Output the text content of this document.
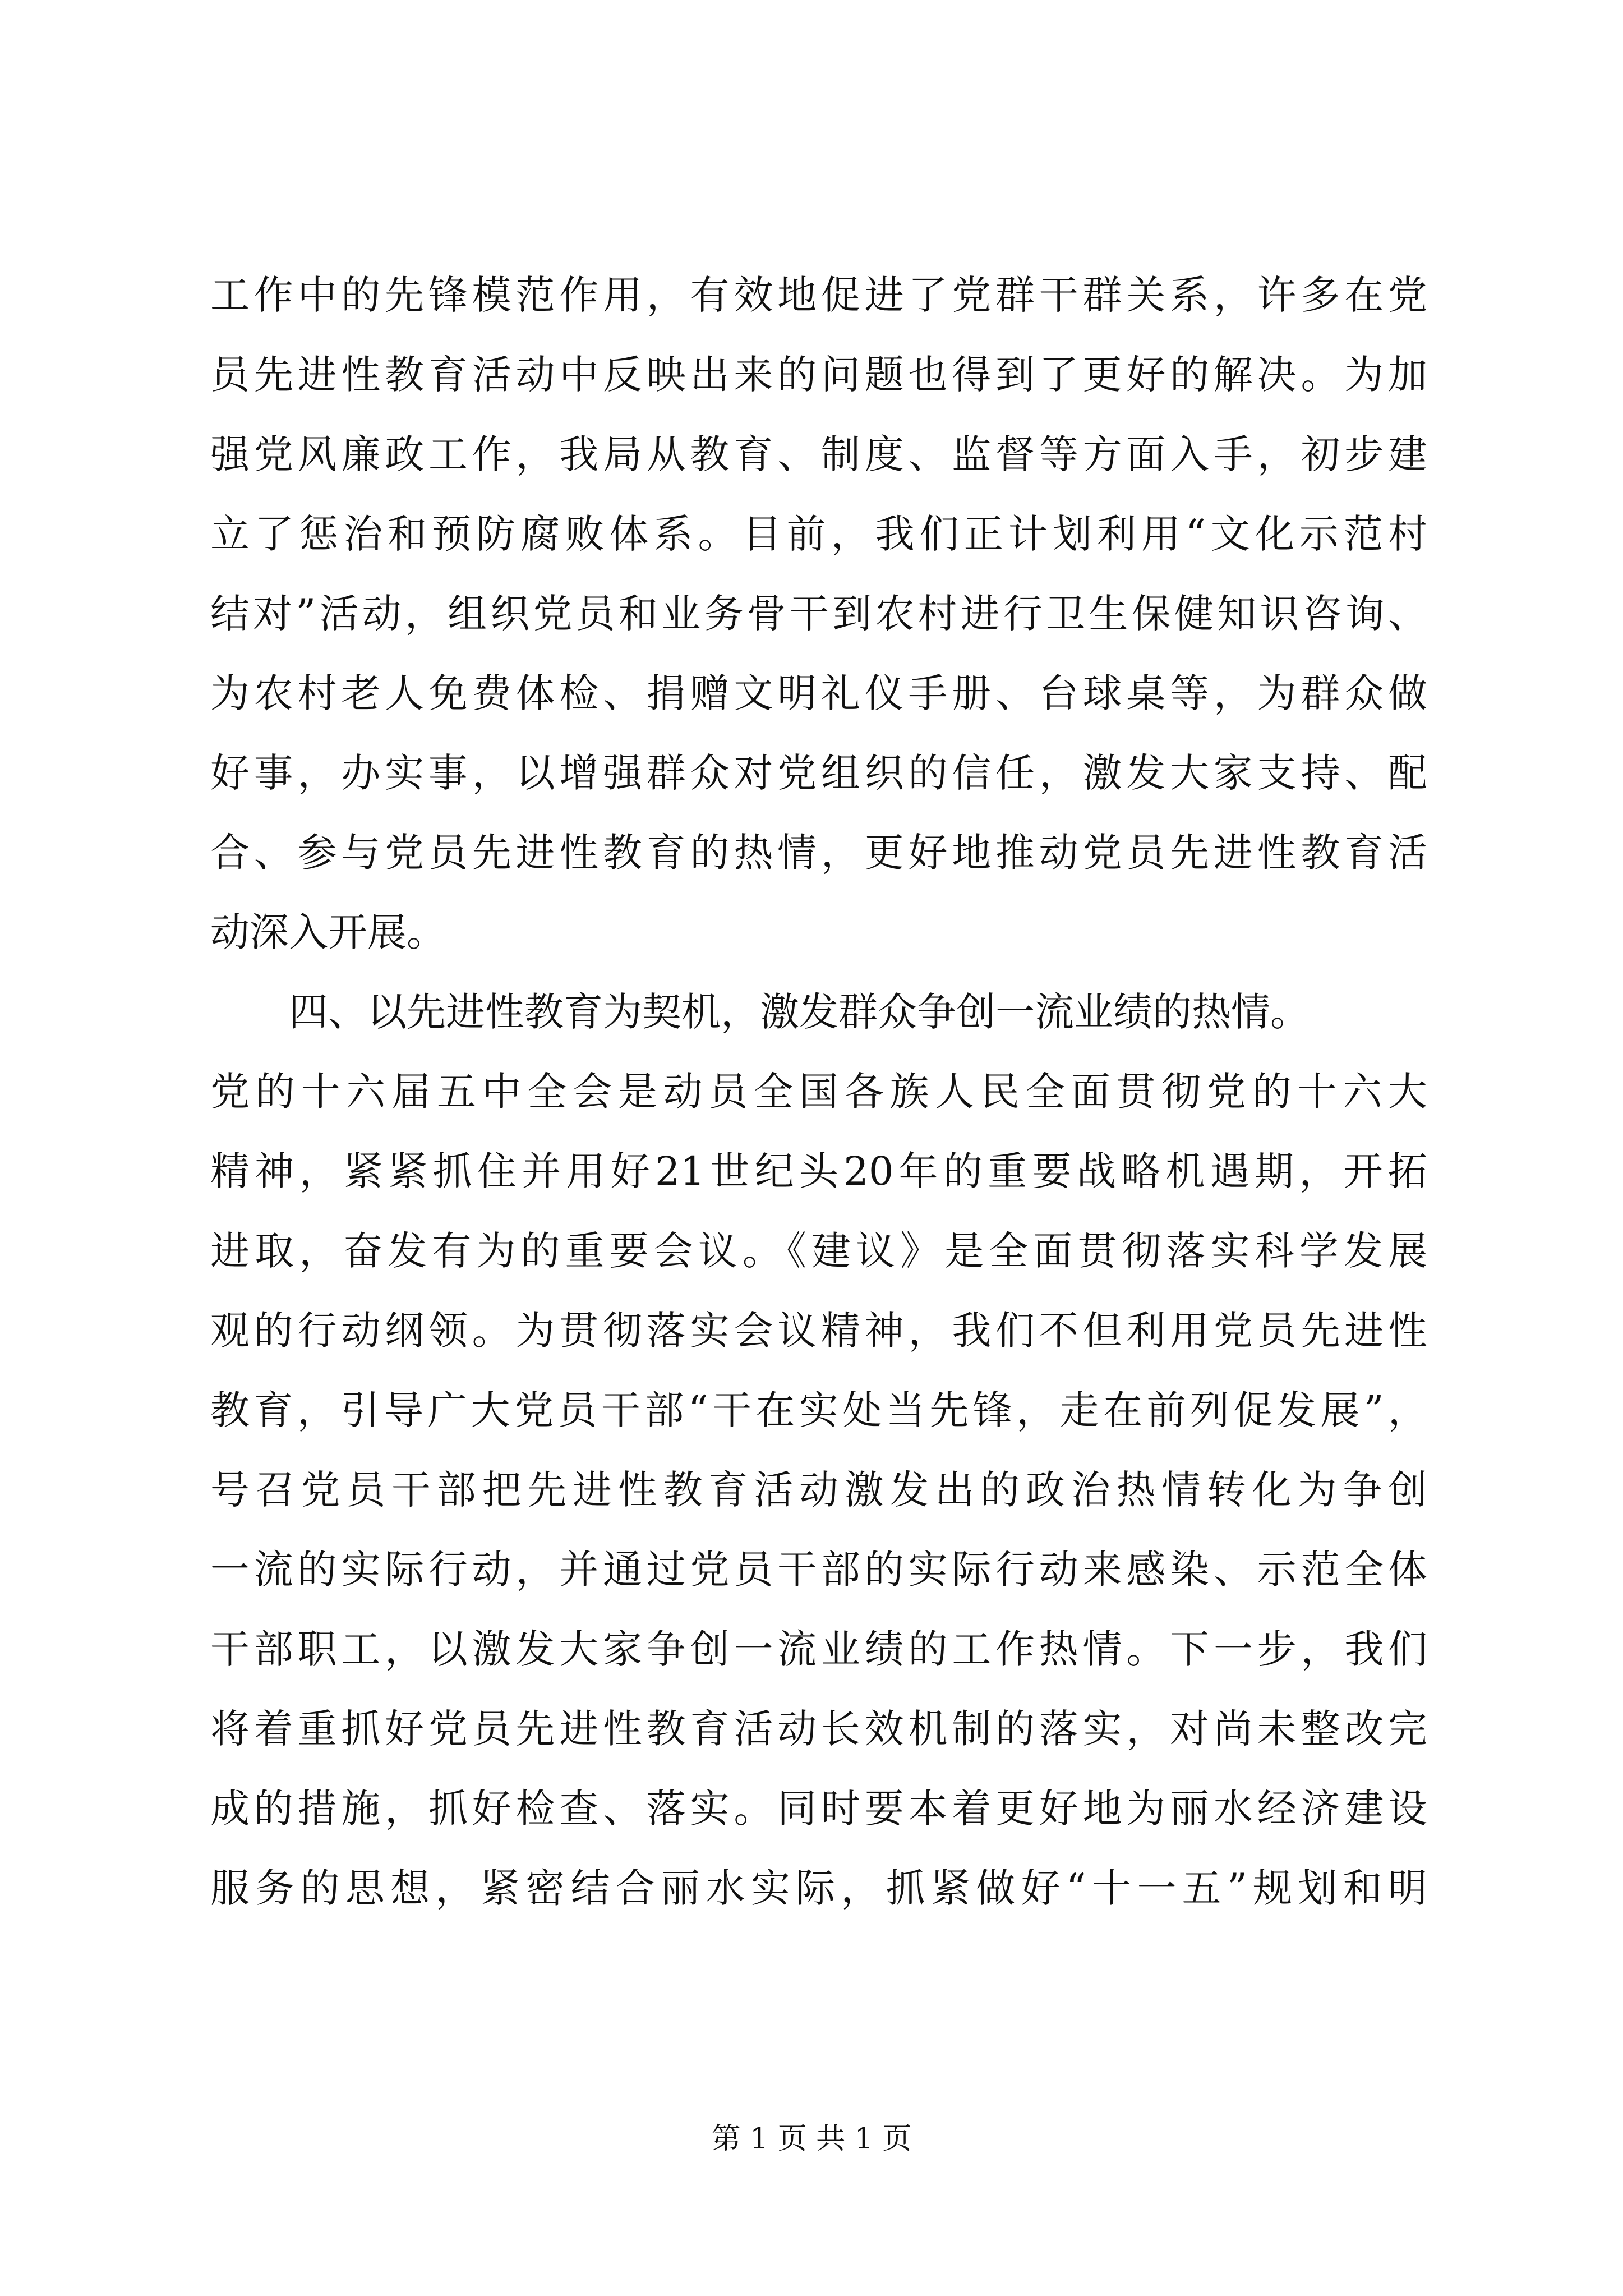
工作中的先锋模范作用，有效地促进了党群干群关系，许多在党
员先进性教育活动中反映出来的问题也得到了更好的解决。为加
强党风廉政工作，我局从教育、制度、监督等方面入手，初步建
立了惩治和预防腐败体系。目前，我们正计划利用“文化示范村
结对”活动，组织党员和业务骨干到农村进行卫生保健知识咨询、
为农村老人免费体检、捐赠文明礼仪手册、台球桌等，为群众做
好事，办实事，以增强群众对党组织的信任，激发大家支持、配
合、参与党员先进性教育的热情，更好地推动党员先进性教育活
动深入开展。
四、以先进性教育为契机，激发群众争创一流业绩的热情。
党的十六届五中全会是动员全国各族人民全面贯彻党的十六大
精神，紧紧抓住并用好21世纪头20年的重要战略机遇期，开拓
进取，奋发有为的重要会议。《建议》是全面贯彻落实科学发展
观的行动纲领。为贯彻落实会议精神，我们不但利用党员先进性
教育，引导广大党员干部“干在实处当先锋，走在前列促发展”，
号召党员干部把先进性教育活动激发出的政治热情转化为争创
一流的实际行动，并通过党员干部的实际行动来感染、示范全体
干部职工，以激发大家争创一流业绩的工作热情。下一步，我们
将着重抓好党员先进性教育活动长效机制的落实，对尚未整改完
成的措施，抓好检查、落实。同时要本着更好地为丽水经济建设
服务的思想，紧密结合丽水实际，抓紧做好“十一五”规划和明
第 1 页 共 1 页
